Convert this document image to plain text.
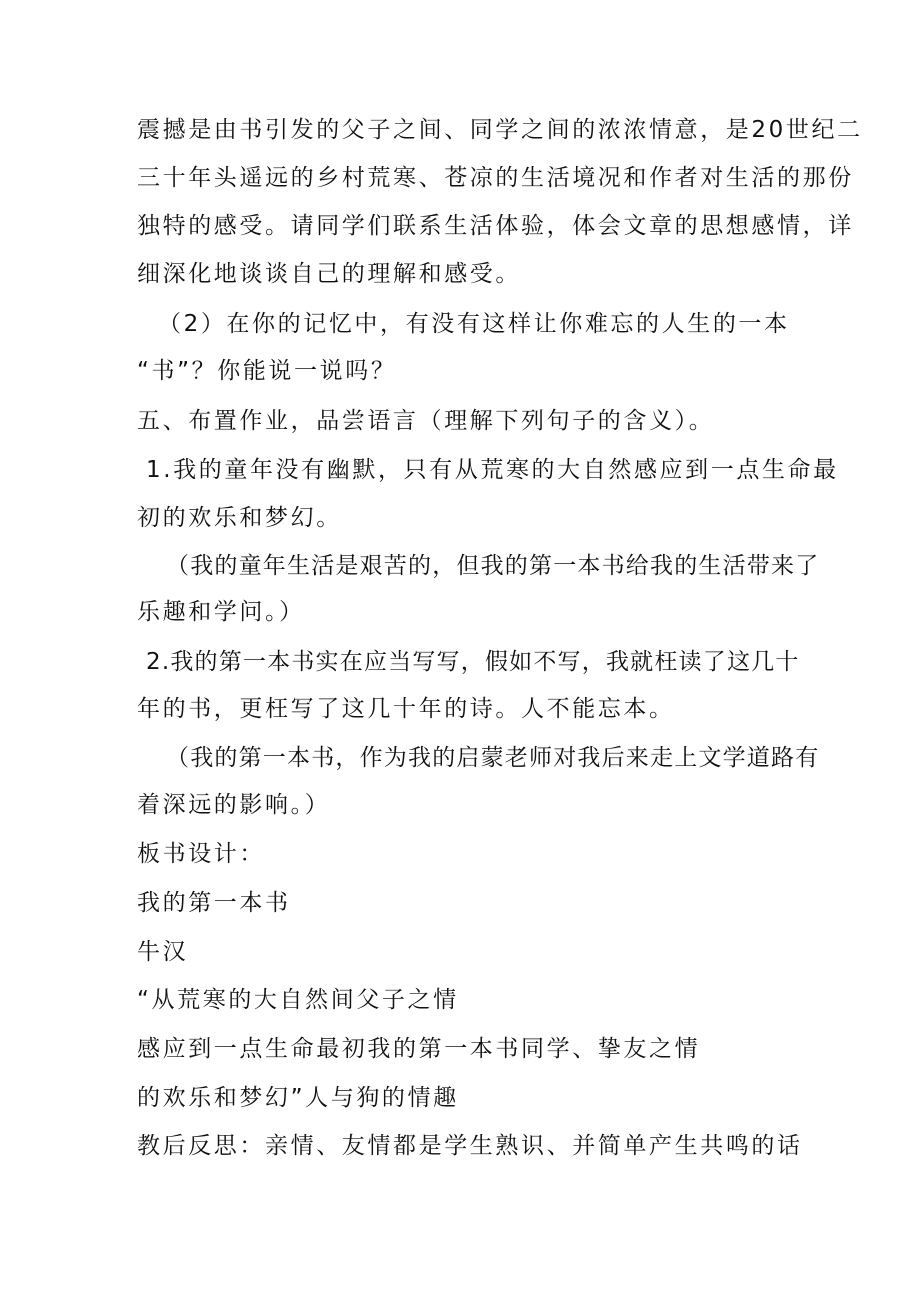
震撼是由书引发的父子之间、同学之间的浓浓情意，是20世纪二
三十年头遥远的乡村荒寒、苍凉的生活境况和作者对生活的那份
独特的感受。请同学们联系生活体验，体会文章的思想感情，详
细深化地谈谈自己的理解和感受。
（2）在你的记忆中，有没有这样让你难忘的人生的一本
“书”？你能说一说吗？
五、布置作业，品尝语言（理解下列句子的含义）。
1.我的童年没有幽默，只有从荒寒的大自然感应到一点生命最
初的欢乐和梦幻。
（我的童年生活是艰苦的，但我的第一本书给我的生活带来了
乐趣和学问。）
2.我的第一本书实在应当写写，假如不写，我就枉读了这几十
年的书，更枉写了这几十年的诗。人不能忘本。
（我的第一本书，作为我的启蒙老师对我后来走上文学道路有
着深远的影响。）
板书设计：
我的第一本书
牛汉
“从荒寒的大自然间父子之情
感应到一点生命最初我的第一本书同学、挚友之情
的欢乐和梦幻”人与狗的情趣
教后反思：亲情、友情都是学生熟识、并简单产生共鸣的话
